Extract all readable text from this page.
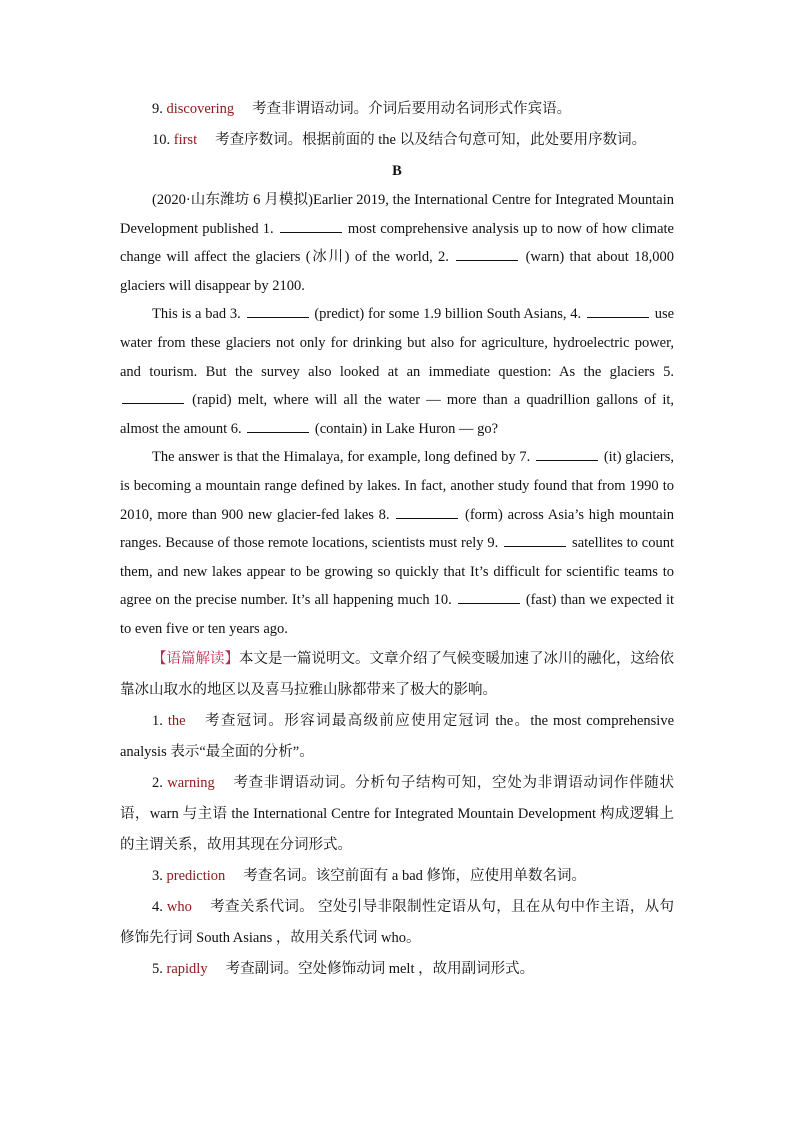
9. discovering 考查非谓语动词。介词后要用动名词形式作宾语。

10. first 考查序数词。根据前面的 the 以及结合句意可知，此处要用序数词。

B

(2020·山东潍坊 6 月模拟)Earlier 2019, the International Centre for Integrated Mountain Development published 1.	most comprehensive analysis up to now of how climate change will affect the glaciers (冰川) of the world, 2.	(warn) that about 18,000 glaciers will disappear by 2100.

This is a bad 3.	(predict) for some 1.9 billion South Asians, 4.	use water from these glaciers not only for drinking but also for agriculture, hydroelectric power, and tourism. But the survey also looked at an immediate question: As the glaciers 5.  (rapid) melt, where will all the water — more than a quadrillion gallons of it, almost the amount 6.	(contain) in Lake Huron — go?

The answer is that the Himalaya, for example, long defined by 7.	(it) glaciers, is becoming a mountain range defined by lakes. In fact, another study found that from 1990 to 2010, more than 900 new glacier-fed lakes 8.	(form) across Asia’s high mountain ranges. Because of those remote locations, scientists must rely 9.	satellites to count them, and new lakes appear to be growing so quickly that It’s difficult for scientific teams to agree on the precise number. It’s all happening much 10.	(fast) than we expected it to even five or ten years ago.

【语篇解读】本文是一篇说明文。文章介绍了气候变暖加速了冰川的融化，这给依靠冰山取水的地区以及喜马拉雅山脉都带来了极大的影响。

1. the 考查冠词。形容词最高级前应使用定冠词 the。the most comprehensive analysis 表示“最全面的分析”。

2. warning 考查非谓语动词。分析句子结构可知，空处为非谓语动词作伴随状语，warn 与主语 the International Centre for Integrated Mountain Development 构成逻辑上的主谓关系，故用其现在分词形式。

3. prediction 考查名词。该空前面有 a bad 修饰，应使用单数名词。

4. who 考查关系代词。 空处引导非限制性定语从句，且在从句中作主语，从句修饰先行词 South Asians ，故用关系代词 who。

5. rapidly 考查副词。空处修饰动词 melt ，故用副词形式。
